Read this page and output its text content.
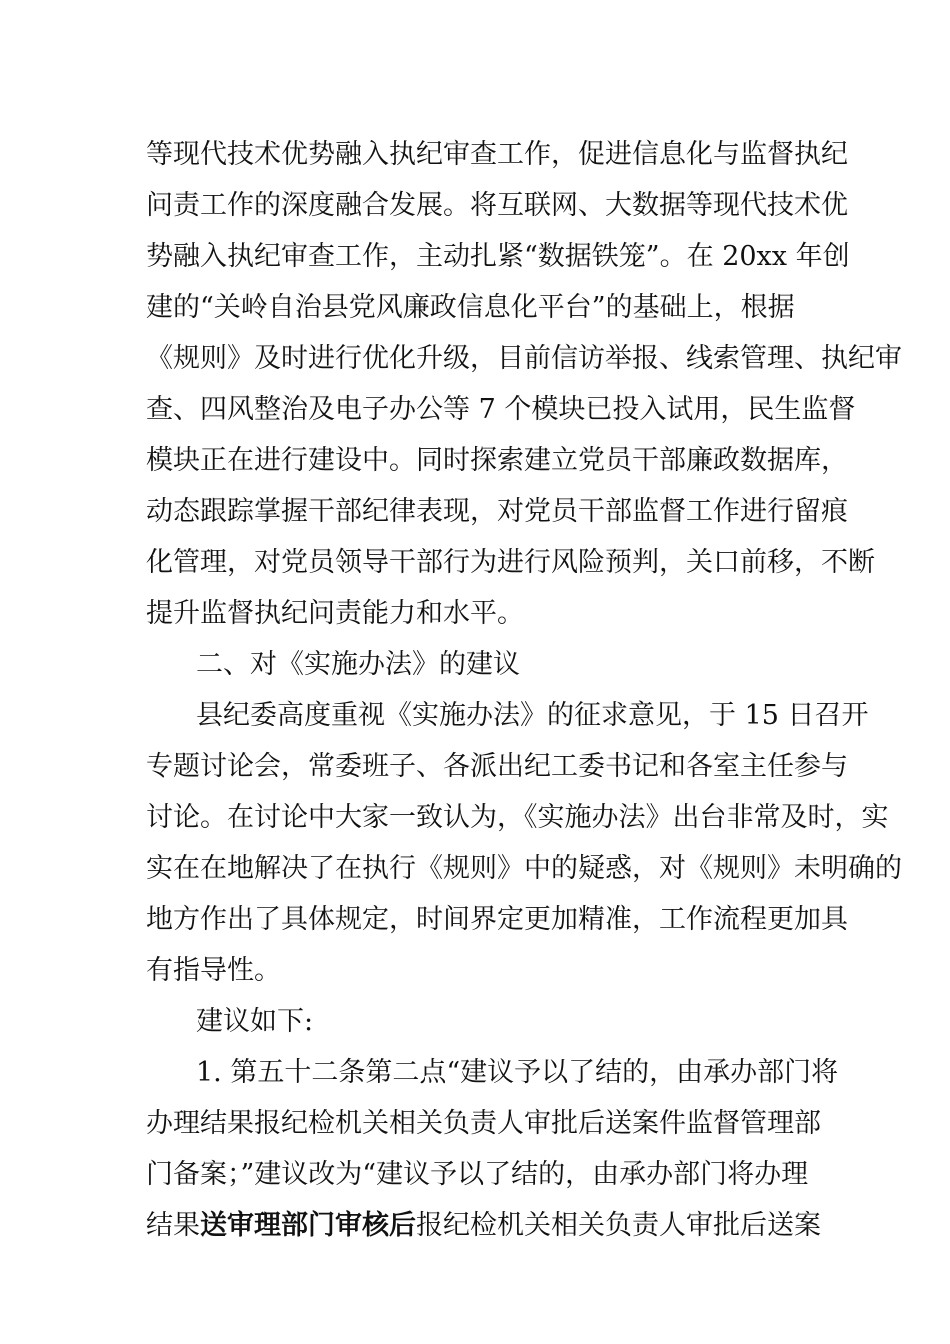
等现代技术优势融入执纪审查工作，促进信息化与监督执纪
问责工作的深度融合发展。将互联网、大数据等现代技术优
势融入执纪审查工作，主动扎紧“数据铁笼”。在 20xx 年创
建的“关岭自治县党风廉政信息化平台”的基础上，根据
《规则》及时进行优化升级，目前信访举报、线索管理、执纪审
查、四风整治及电子办公等 7 个模块已投入试用，民生监督
模块正在进行建设中。同时探索建立党员干部廉政数据库，
动态跟踪掌握干部纪律表现，对党员干部监督工作进行留痕
化管理，对党员领导干部行为进行风险预判，关口前移，不断
提升监督执纪问责能力和水平。
二、对《实施办法》的建议
县纪委高度重视《实施办法》的征求意见，于 15 日召开
专题讨论会，常委班子、各派出纪工委书记和各室主任参与
讨论。在讨论中大家一致认为，《实施办法》出台非常及时，实
实在在地解决了在执行《规则》中的疑惑，对《规则》未明确的
地方作出了具体规定，时间界定更加精准，工作流程更加具
有指导性。
建议如下:
1. 第五十二条第二点“建议予以了结的，由承办部门将
办理结果报纪检机关相关负责人审批后送案件监督管理部
门备案；”建议改为“建议予以了结的，由承办部门将办理
结果送审理部门审核后报纪检机关相关负责人审批后送案
